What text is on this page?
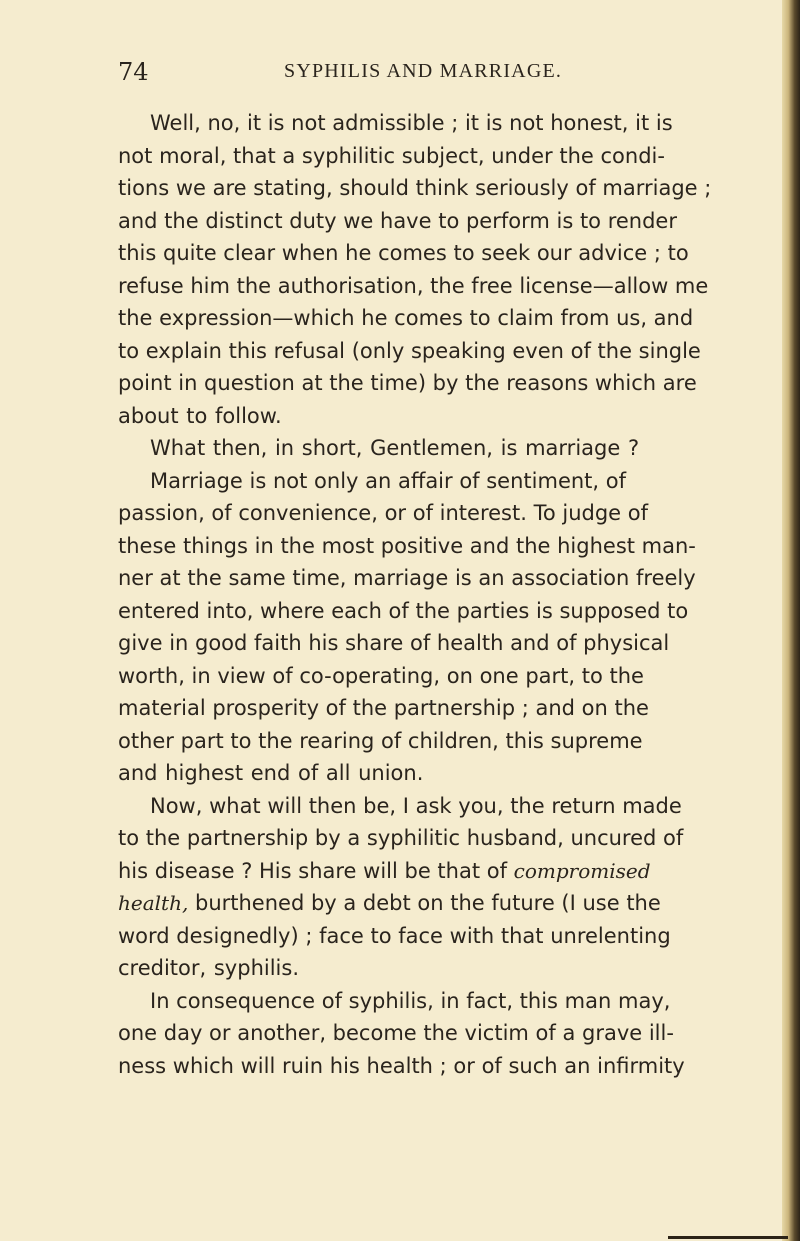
74	SYPHILIS AND MARRIAGE.

Well, no, it is not admissible ; it is not honest, it is
not moral, that a syphilitic subject, under the condi-
tions we are stating, should think seriously of marriage ;
and the distinct duty we have to perform is to render
this quite clear when he comes to seek our advice ; to
refuse him the authorisation, the free license—allow me
the expression—which he comes to claim from us, and
to explain this refusal (only speaking even of the single
point in question at the time) by the reasons which are
about to follow.

What then, in short, Gentlemen, is marriage ?

Marriage is not only an affair of sentiment, of
passion, of convenience, or of interest. To judge of
these things in the most positive and the highest man-
ner at the same time, marriage is an association freely
entered into, where each of the parties is supposed to
give in good faith his share of health and of physical
worth, in view of co-operating, on one part, to the
material prosperity of the partnership ; and on the
other part to the rearing of children, this supreme
and highest end of all union.

Now, what will then be, I ask you, the return made
to the partnership by a syphilitic husband, uncured of
his disease ? His share will be that of compromised
health, burthened by a debt on the future (I use the
word designedly) ; face to face with that unrelenting
creditor, syphilis.

In consequence of syphilis, in fact, this man may,
one day or another, become the victim of a grave ill-
ness which will ruin his health ; or of such an infirmity
